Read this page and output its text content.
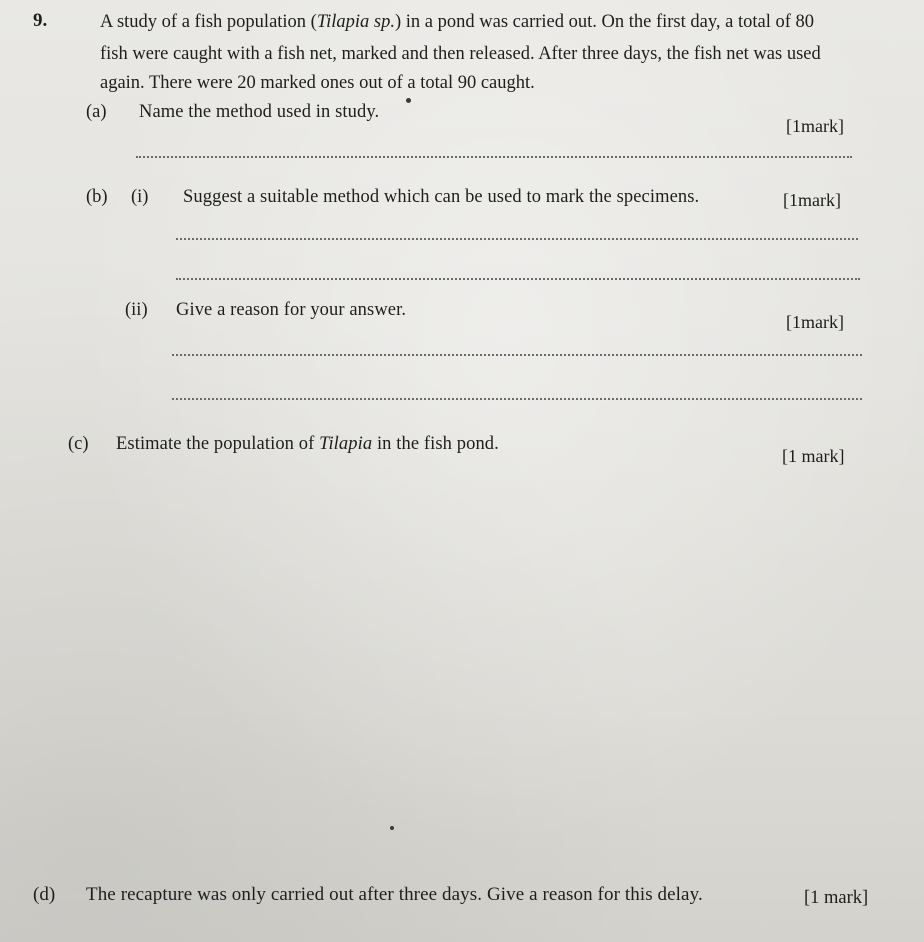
9.	A study of a fish population (Tilapia sp.) in a pond was carried out. On the first day, a total of 80
fish were caught with a fish net, marked and then released. After three days, the fish net was used
again. There were 20 marked ones out of a total 90 caught.
(a) Name the method used in study.
[1mark]
(b) (i) Suggest a suitable method which can be used to mark the specimens.	[1mark]
(ii) Give a reason for your answer.
[1mark]
(c) Estimate the population of Tilapia in the fish pond.
[1 mark]
(d) The recapture was only carried out after three days. Give a reason for this delay.	[1 mark]
